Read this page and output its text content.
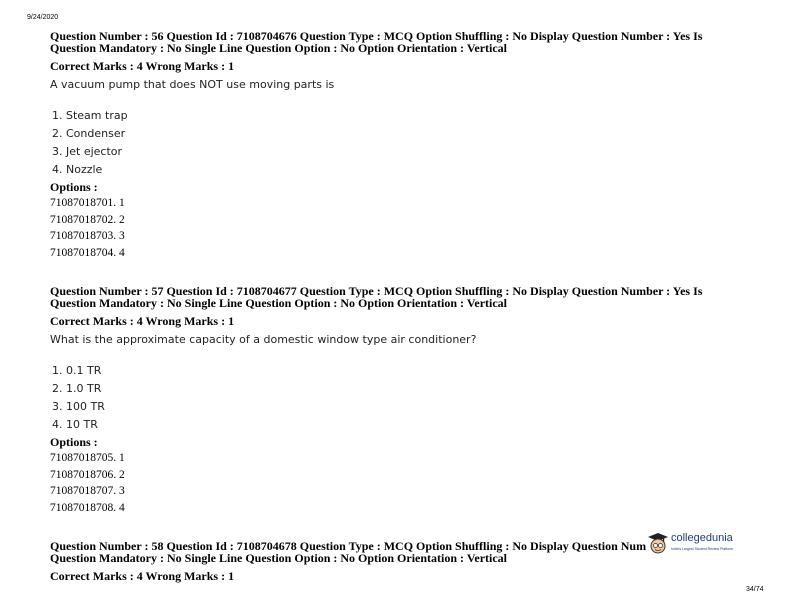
9/24/2020
Question Number : 56 Question Id : 7108704676 Question Type : MCQ Option Shuffling : No Display Question Number : Yes Is
Question Mandatory : No Single Line Question Option : No Option Orientation : Vertical
Correct Marks : 4 Wrong Marks : 1
A vacuum pump that does NOT use moving parts is
1. Steam trap
2. Condenser
3. Jet ejector
4. Nozzle
Options :
71087018701. 1
71087018702. 2
71087018703. 3
71087018704. 4
Question Number : 57 Question Id : 7108704677 Question Type : MCQ Option Shuffling : No Display Question Number : Yes Is
Question Mandatory : No Single Line Question Option : No Option Orientation : Vertical
Correct Marks : 4 Wrong Marks : 1
What is the approximate capacity of a domestic window type air conditioner?
1. 0.1 TR
2. 1.0 TR
3. 100 TR
4. 10 TR
Options :
71087018705. 1
71087018706. 2
71087018707. 3
71087018708. 4
Question Number : 58 Question Id : 7108704678 Question Type : MCQ Option Shuffling : No Display Question Num
Question Mandatory : No Single Line Question Option : No Option Orientation : Vertical
Correct Marks : 4 Wrong Marks : 1
collegedunia
India's Largest Student Review Platform
34/74
